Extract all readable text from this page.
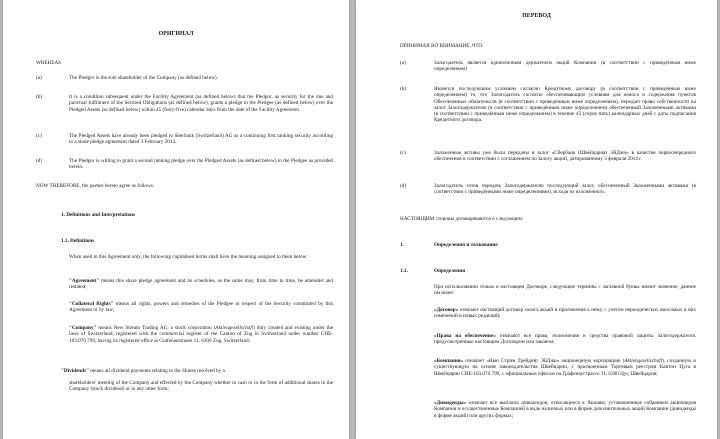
ОРИГИНАЛ
WHEREAS
(a)	The Pledgor is the sole shareholder of the Company (as defined below).
(b)	It is a condition subsequent under the Facility Agreement (as defined below) that the Pledgor, as security for the due and punctual fulfilment of the Secured Obligations (as defined below), grants a pledge to the Pledgee (as defined below) over the Pledged Assets (as defined below) within 45 (forty-five) calendar days from the date of the Facility Agreement.
(c)	The Pledged Assets have already been pledged to Sberbank (Switzerland) AG as a continuing first ranking security according to a share pledge agreement dated 3 February 2014.
(d)	The Pledgor is willing to grant a second ranking pledge over the Pledged Assets (as defined below) to the Pledgee as provided herein.
NOW THEREFORE, the parties hereto agree as follows:
1. Definitions and Interpretations
1.1. Definitions
When used in this Agreement only, the following capitalised terms shall have the meaning assigned to them below:
"Agreement" means this share pledge agreement and its schedules, as the same may, from time to time, be amended and restated;
"Collateral Rights" means all rights, powers and remedies of the Pledgee in respect of the Security constituted by this Agreement or by law;
"Company" means New Stream Trading AG, a stock corporation (Aktiengesellschaft) duly created and existing under the laws of Switzerland, registered with the commercial register of the Canton of Zug in Switzerland under number CHE-103.070.799, having its registered office at Grafenaustrasse 11, 6300 Zug, Switzerland;
"Dividends" means all dividend payments relating to the Shares resolved by a
shareholders' meeting of the Company and effected by the Company whether in cash or in the form of additional shares in the Company (stock dividend) or in any other form;
ПЕРЕВОД
ПРИНИМАЯ ВО ВНИМАНИЕ, ЧТО:
(a)	Залогодатель является единоличным держателем акций Компании (в соответствии с приведённым ниже определением)
(b)	Является последующим условием согласно Кредитному договору (в соответствии с приведённым ниже определением) то, что Залогодатель согласно обеспечивающим условиям для взноса и содержания пунктов Обеспеченных обязательств (в соответствии с приведённым ниже определением), передает право собственности на залог Залогодержателю (в соответствии с приведённым ниже определением) обеспеченный Заложенными активами (в соответствии с приведённым ниже определением) в течение 45 (сорок пять) календарных дней с даты подписания Кредитного договора.
(c)	Заложенные активы уже были переданы в залог «Сбербанк (Швейцария) ЭйДжи» в качестве первоочередного обеспечения в соответствии с соглашением по залогу акций, датированному 3 февраля 2014 г.
(d)	Залогодатель готов передать Залогодержателю последующий залог, обеспеченный Заложенными активами (в соответствии с приведёнными ниже определениями), исходя из изложенного.
НАСТОЯЩИМ стороны договариваются о следующем:
1.	Определения и толкование
1.1.	Определения
При использовании только в настоящем Договоре, следующие термины с заглавной буквы имеют значение, данное им ниже:
«Договор» означает настоящий договор залога акций и приложения к нему, с учетом периодических вносимых в них изменений и новых редакций;
«Права на обеспечение» означают все права, полномочия и средства правовой защиты Залогодержателя, предусмотренные настоящим Договором или законом;
«Компания» означает «Нью Стрим Трейдинг ЭйДжи» акционерную корпорацию (Aktiengesellschaft), созданную и существующую на основе законодательства Швейцарии, с присвоенным Торговым реестром Кантон Цуга в Швейцарии CHE-103.070.799, с официальным офисом на Графенаустрассе 11, 6300 Цуг, Швейцария;
«Дивиденды» означает все выплаты дивидендов, относящиеся к Акциям, установленные собранием акционеров Компании и осуществленные Компанией в виде наличных или в форме дополнительных акций Компании (дивиденды в форме акций) или других формах;
